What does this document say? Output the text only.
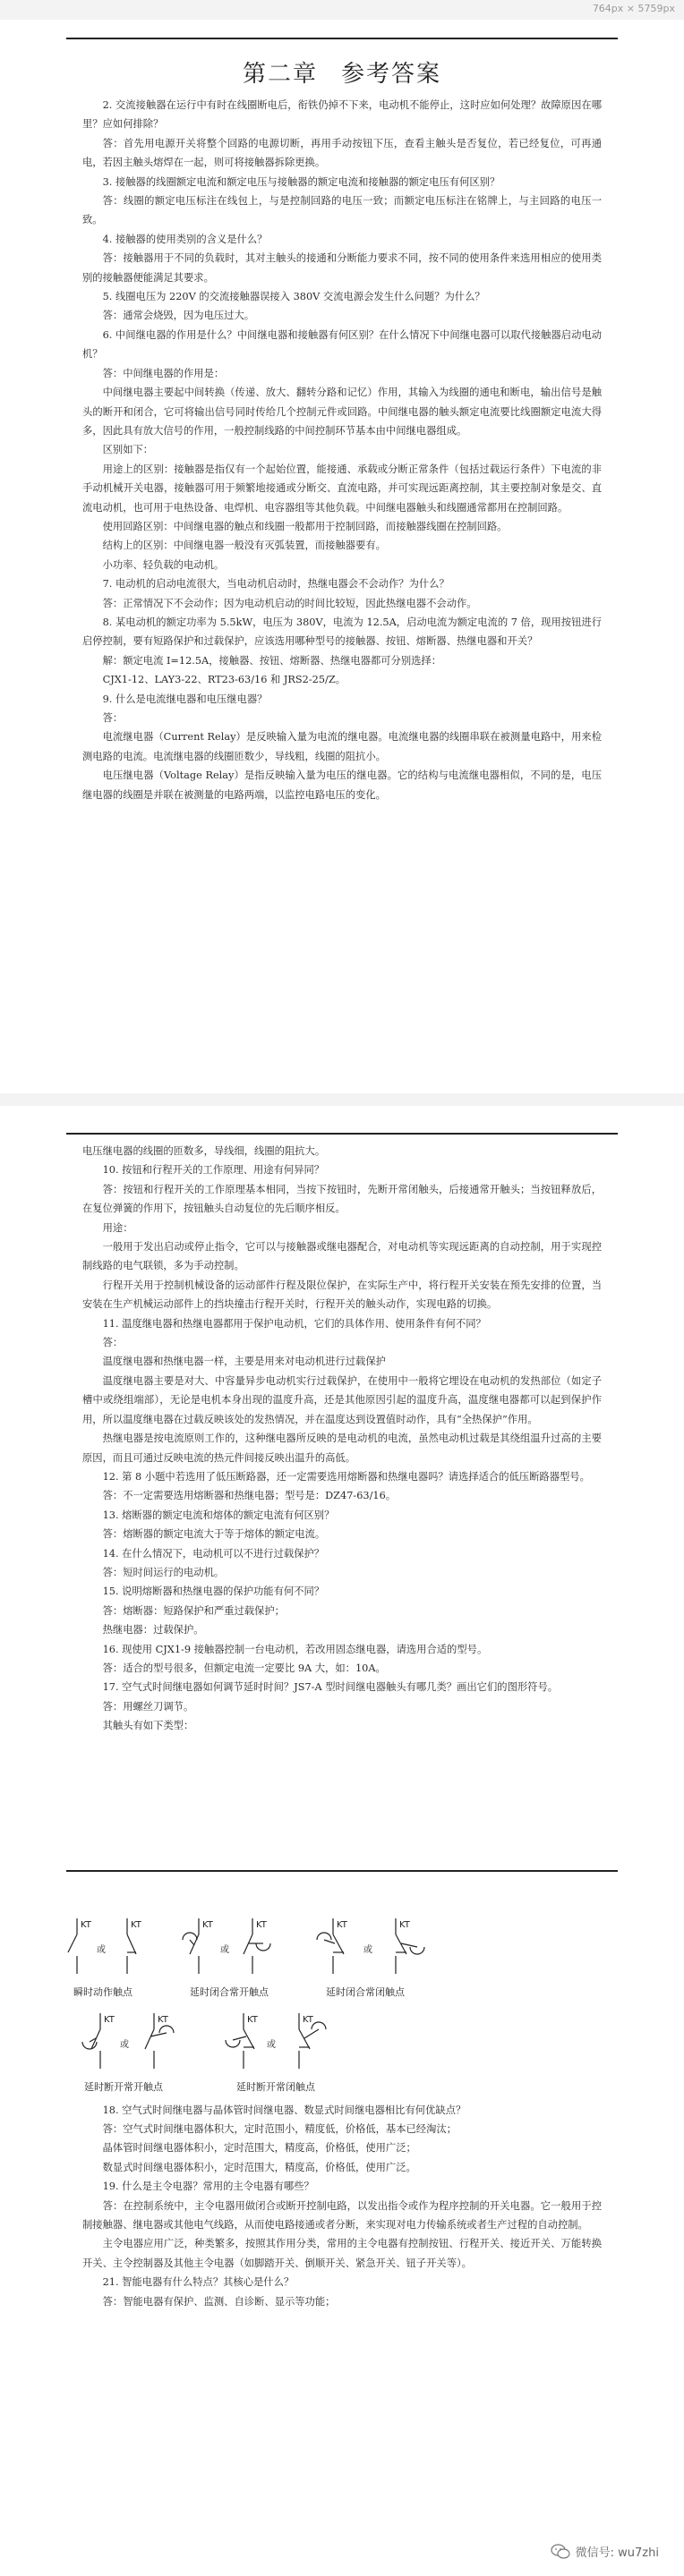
764px × 5759px
第二章 参考答案

2. 交流接触器在运行中有时在线圈断电后，衔铁仍掉不下来，电动机不能停止，这时应如何处理？故障原因在哪里？应如何排除？

答：首先用电源开关将整个回路的电源切断，再用手动按钮下压，查看主触头是否复位，若已经复位，可再通电，若因主触头熔焊在一起，则可将接触器拆除更换。

3. 接触器的线圈额定电流和额定电压与接触器的额定电流和接触器的额定电压有何区别？

答：线圈的额定电压标注在线包上，与是控制回路的电压一致；而额定电压标注在铭牌上，与主回路的电压一致。

4. 接触器的使用类别的含义是什么？

答：接触器用于不同的负载时，其对主触头的接通和分断能力要求不同，按不同的使用条件来选用相应的使用类别的接触器便能满足其要求。

5. 线圈电压为 220V 的交流接触器误接入 380V 交流电源会发生什么问题？为什么？

答：通常会烧毁，因为电压过大。

6. 中间继电器的作用是什么？中间继电器和接触器有何区别？在什么情况下中间继电器可以取代接触器启动电动机？

答：中间继电器的作用是：

中间继电器主要起中间转换（传递、放大、翻转分路和记忆）作用，其输入为线圈的通电和断电，输出信号是触头的断开和闭合，它可将输出信号同时传给几个控制元件或回路。中间继电器的触头额定电流要比线圈额定电流大得多，因此具有放大信号的作用，一般控制线路的中间控制环节基本由中间继电器组成。

区别如下：

用途上的区别：接触器是指仅有一个起始位置，能接通、承载或分断正常条件（包括过载运行条件）下电流的非手动机械开关电器，接触器可用于频繁地接通或分断交、直流电路，并可实现远距离控制，其主要控制对象是交、直流电动机，也可用于电热设备、电焊机、电容器组等其他负载。中间继电器触头和线圈通常都用在控制回路。

使用回路区别：中间继电器的触点和线圈一般都用于控制回路，而接触器线圈在控制回路。

结构上的区别：中间继电器一般没有灭弧装置，而接触器要有。

小功率、轻负载的电动机。

7. 电动机的启动电流很大，当电动机启动时，热继电器会不会动作？为什么？

答：正常情况下不会动作；因为电动机启动的时间比较短，因此热继电器不会动作。

8. 某电动机的额定功率为 5.5kW，电压为 380V，电流为 12.5A，启动电流为额定电流的 7 倍，现用按钮进行启停控制，要有短路保护和过载保护，应该选用哪种型号的接触器、按钮、熔断器、热继电器和开关？

解：额定电流 I=12.5A，接触器、按钮、熔断器、热继电器都可分别选择：

CJX1-12、LAY3-22、RT23-63/16 和 JRS2-25/Z。

9. 什么是电流继电器和电压继电器？

答：

电流继电器（Current Relay）是反映输入量为电流的继电器。电流继电器的线圈串联在被测量电路中，用来检测电路的电流。电流继电器的线圈匝数少，导线粗，线圈的阻抗小。

电压继电器（Voltage Relay）是指反映输入量为电压的继电器。它的结构与电流继电器相似，不同的是，电压继电器的线圈是并联在被测量的电路两端，以监控电路电压的变化。

电压继电器的线圈的匝数多，导线细，线圈的阻抗大。

10. 按钮和行程开关的工作原理、用途有何异同？

答：按钮和行程开关的工作原理基本相同，当按下按钮时，先断开常闭触头，后接通常开触头；当按钮释放后，在复位弹簧的作用下，按钮触头自动复位的先后顺序相反。

用途：

一般用于发出启动或停止指令，它可以与接触器或继电器配合，对电动机等实现远距离的自动控制，用于实现控制线路的电气联锁，多为手动控制。

行程开关用于控制机械设备的运动部件行程及限位保护，在实际生产中，将行程开关安装在预先安排的位置，当安装在生产机械运动部件上的挡块撞击行程开关时，行程开关的触头动作，实现电路的切换。

11. 温度继电器和热继电器都用于保护电动机，它们的具体作用、使用条件有何不同？

答：

温度继电器和热继电器一样，主要是用来对电动机进行过载保护

温度继电器主要是对大、中容量异步电动机实行过载保护，在使用中一般将它埋设在电动机的发热部位（如定子槽中或绕组端部），无论是电机本身出现的温度升高，还是其他原因引起的温度升高，温度继电器都可以起到保护作用，所以温度继电器在过载反映该处的发热情况，并在温度达到设置值时动作，具有“全热保护”作用。

热继电器是按电流原则工作的，这种继电器所反映的是电动机的电流，虽然电动机过载是其绕组温升过高的主要原因，而且可通过反映电流的热元件间接反映出温升的高低。

12. 第 8 小题中若选用了低压断路器，还一定需要选用熔断器和热继电器吗？请选择适合的低压断路器型号。

答：不一定需要选用熔断器和热继电器；型号是：DZ47-63/16。

13. 熔断器的额定电流和熔体的额定电流有何区别？

答：熔断器的额定电流大于等于熔体的额定电流。

14. 在什么情况下，电动机可以不进行过载保护？

答：短时间运行的电动机。

15. 说明熔断器和热继电器的保护功能有何不同？

答：熔断器：短路保护和严重过载保护；

热继电器：过载保护。

16. 现使用 CJX1-9 接触器控制一台电动机，若改用固态继电器，请选用合适的型号。

答：适合的型号很多，但额定电流一定要比 9A 大，如：10A。

17. 空气式时间继电器如何调节延时时间？JS7-A 型时间继电器触头有哪几类？画出它们的图形符号。

答：用螺丝刀调节。

其触头有如下类型：

KT	KT
或
KT	KT
或
KT	KT
或
KT	KT
或
KT	KT
或
瞬时动作触点	延时闭合常开触点	延时闭合常闭触点
延时断开常开触点	延时断开常闭触点

18. 空气式时间继电器与晶体管时间继电器、数显式时间继电器相比有何优缺点？

答：空气式时间继电器体积大，定时范围小，精度低，价格低，基本已经淘汰；

晶体管时间继电器体积小，定时范围大，精度高，价格低，使用广泛；

数显式时间继电器体积小，定时范围大，精度高，价格低，使用广泛。

19. 什么是主令电器？常用的主令电器有哪些？

答：在控制系统中，主令电器用做闭合或断开控制电路，以发出指令或作为程序控制的开关电器。它一般用于控制接触器、继电器或其他电气线路，从而使电路接通或者分断，来实现对电力传输系统或者生产过程的自动控制。

主令电器应用广泛，种类繁多，按照其作用分类，常用的主令电器有控制按钮、行程开关、接近开关、万能转换开关、主令控制器及其他主令电器（如脚踏开关、倒顺开关、紧急开关、钮子开关等）。

21. 智能电器有什么特点？其核心是什么？

答：智能电器有保护、监测、自诊断、显示等功能；

微信号: wu7zhi
